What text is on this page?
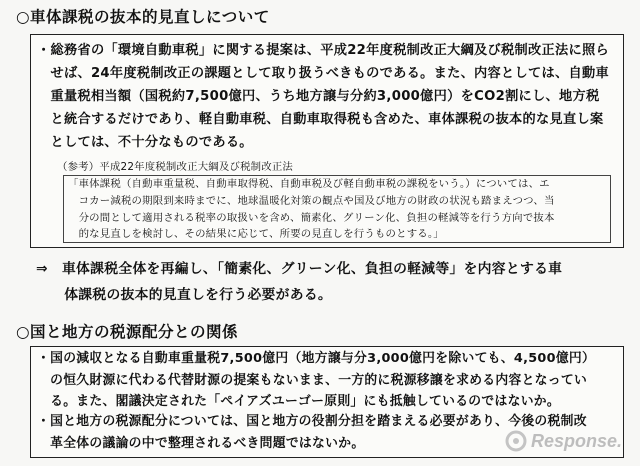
○車体課税の抜本的見直しについて
・総務省の「環境自動車税」に関する提案は、平成22年度税制改正大綱及び税制改正法に照ら
　せば、24年度税制改正の課題として取り扱うべきものである。また、内容としては、自動車
　重量税相当額（国税約7,500億円、うち地方譲与分約3,000億円）をCO2割にし、地方税
　と統合するだけであり、軽自動車税、自動車取得税も含めた、車体課税の抜本的な見直し案
　としては、不十分なものである。
（参考）平成22年度税制改正大綱及び税制改正法
「車体課税（自動車重量税、自動車取得税、自動車税及び軽自動車税の課税をいう。）については、エ
　コカー減税の期限到来時までに、地球温暖化対策の観点や国及び地方の財政の状況も踏まえつつ、当
　分の間として適用される税率の取扱いを含め、簡素化、グリーン化、負担の軽減等を行う方向で抜本
　的な見直しを検討し、その結果に応じて、所要の見直しを行うものとする。」
⇒　車体課税全体を再編し、「簡素化、グリーン化、負担の軽減等」を内容とする車
　　体課税の抜本的見直しを行う必要がある。
○国と地方の税源配分との関係
・国の減収となる自動車重量税7,500億円（地方譲与分3,000億円を除いても、4,500億円）
　の恒久財源に代わる代替財源の提案もないまま、一方的に税源移譲を求める内容となってい
　る。また、閣議決定された「ペイアズユーゴー原則」にも抵触しているのではないか。
・国と地方の税源配分については、国と地方の役割分担を踏まえる必要があり、今後の税制改
　革全体の議論の中で整理されるべき問題ではないか。	Response.
